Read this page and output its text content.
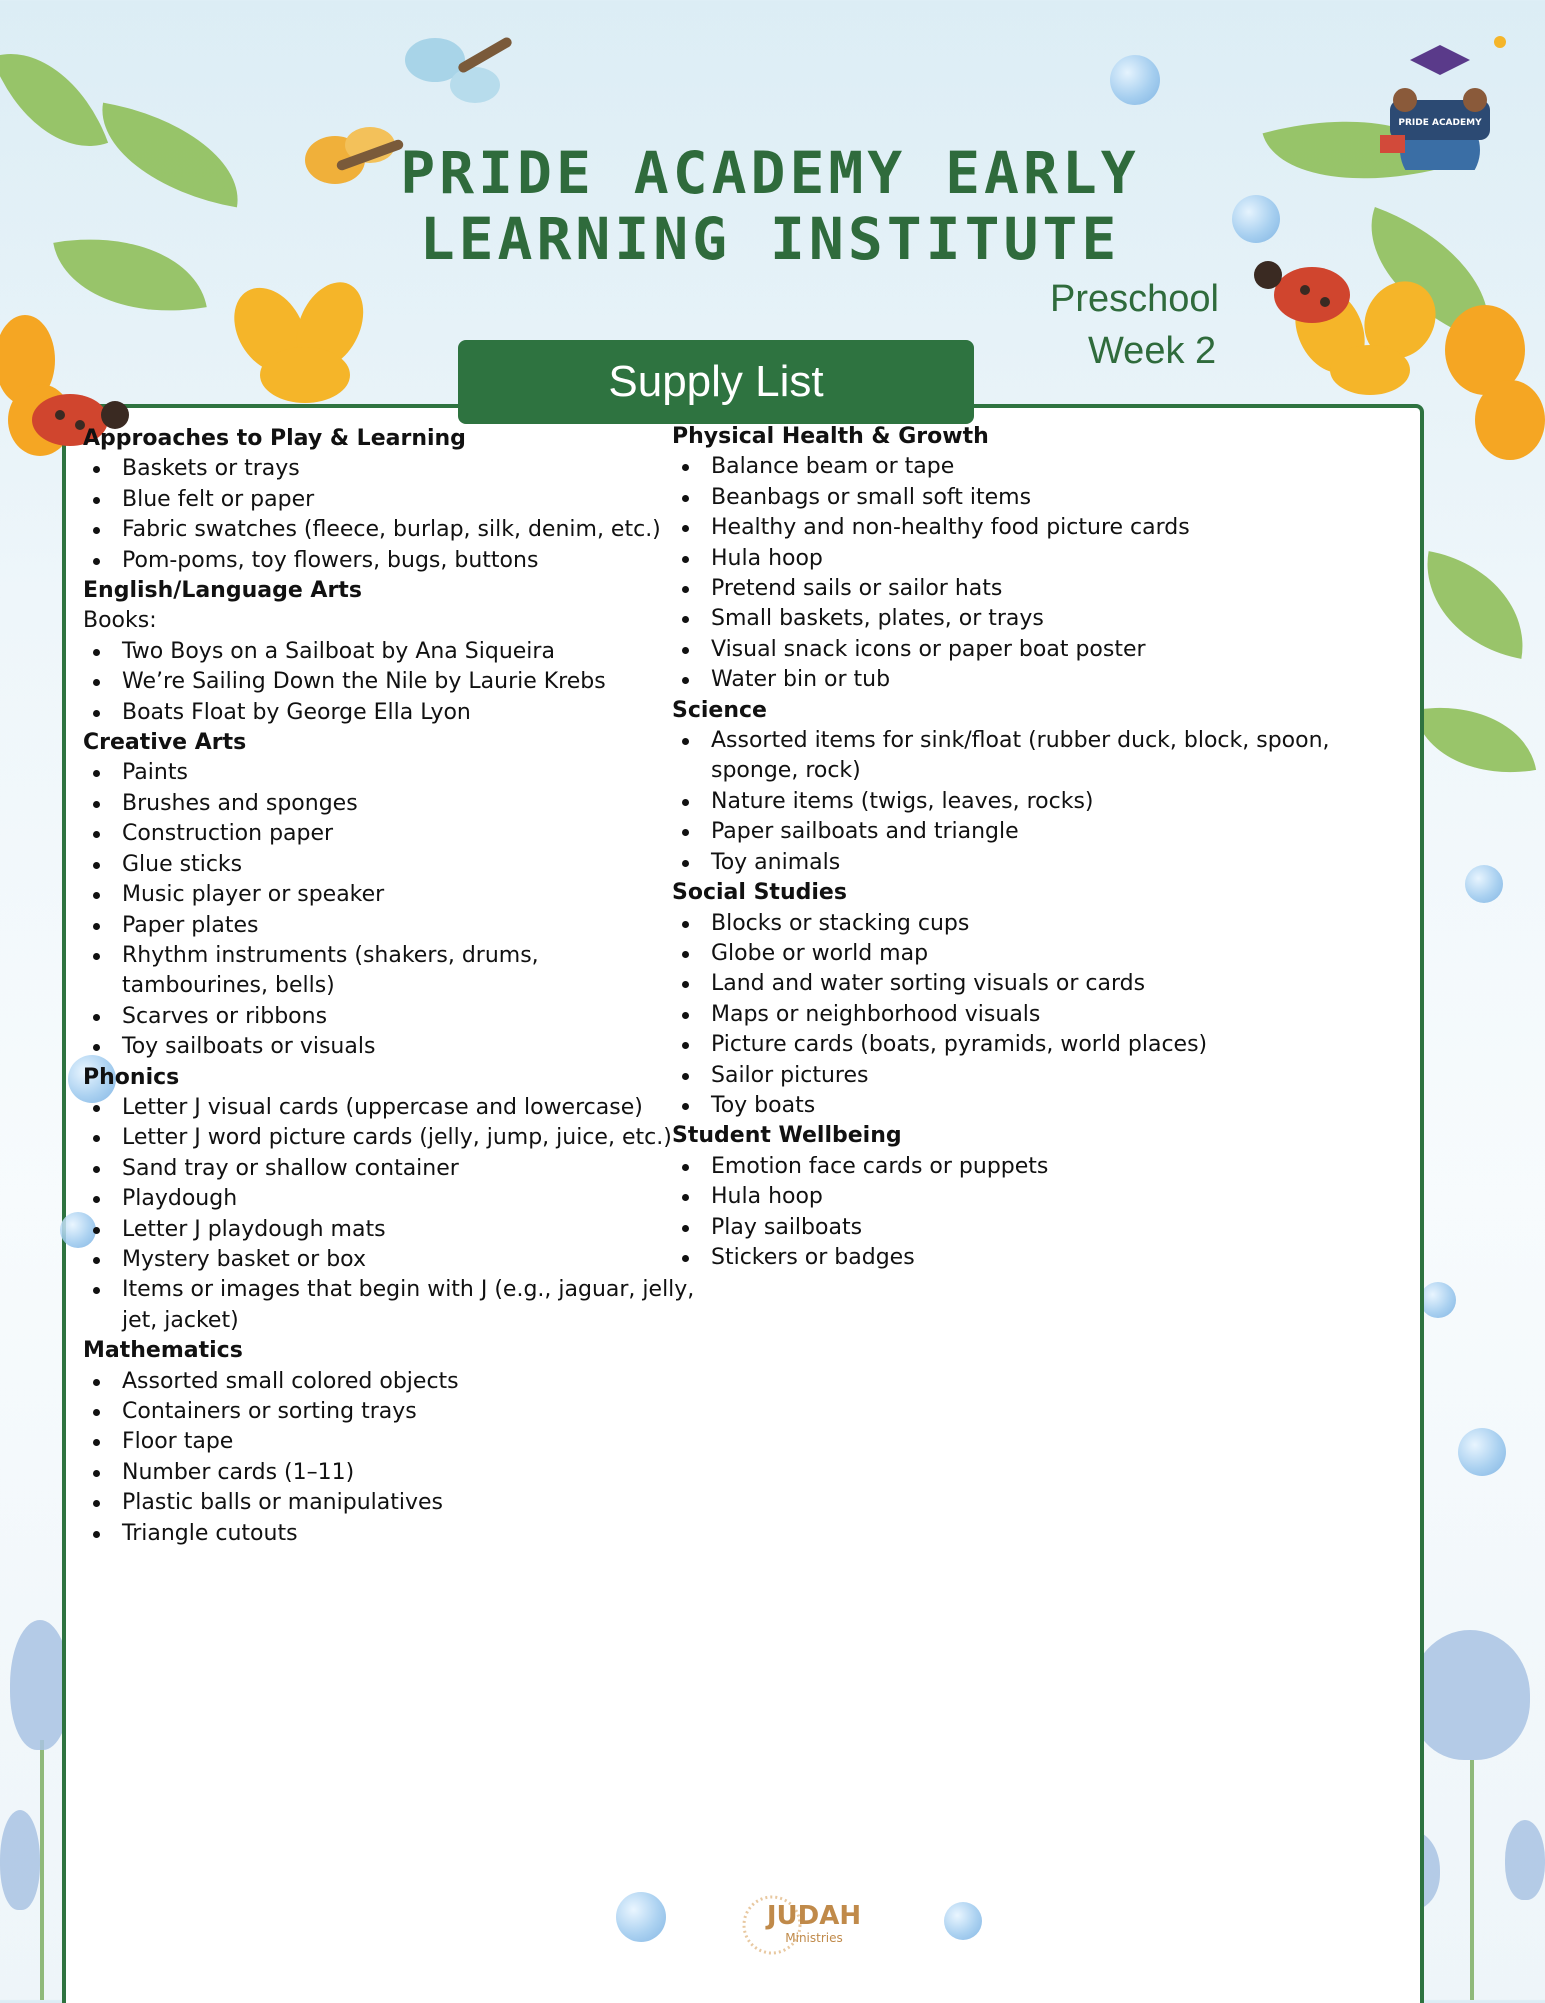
PRIDE ACADEMY
PRIDE ACADEMY EARLY
LEARNING INSTITUTE
Preschool
Week 2
Supply List
Approaches to Play & Learning
Baskets or trays
Blue felt or paper
Fabric swatches (fleece, burlap, silk, denim, etc.)
Pom-poms, toy flowers, bugs, buttons
English/Language Arts
Books:
Two Boys on a Sailboat by Ana Siqueira
We’re Sailing Down the Nile by Laurie Krebs
Boats Float by George Ella Lyon
Creative Arts
Paints
Brushes and sponges
Construction paper
Glue sticks
Music player or speaker
Paper plates
Rhythm instruments (shakers, drums, tambourines, bells)
Scarves or ribbons
Toy sailboats or visuals
Phonics
Letter J visual cards (uppercase and lowercase)
Letter J word picture cards (jelly, jump, juice, etc.)
Sand tray or shallow container
Playdough
Letter J playdough mats
Mystery basket or box
Items or images that begin with J (e.g., jaguar, jelly, jet, jacket)
Mathematics
Assorted small colored objects
Containers or sorting trays
Floor tape
Number cards (1–11)
Plastic balls or manipulatives
Triangle cutouts
Physical Health & Growth
Balance beam or tape
Beanbags or small soft items
Healthy and non-healthy food picture cards
Hula hoop
Pretend sails or sailor hats
Small baskets, plates, or trays
Visual snack icons or paper boat poster
Water bin or tub
Science
Assorted items for sink/float (rubber duck, block, spoon, sponge, rock)
Nature items (twigs, leaves, rocks)
Paper sailboats and triangle
Toy animals
Social Studies
Blocks or stacking cups
Globe or world map
Land and water sorting visuals or cards
Maps or neighborhood visuals
Picture cards (boats, pyramids, world places)
Sailor pictures
Toy boats
Student Wellbeing
Emotion face cards or puppets
Hula hoop
Play sailboats
Stickers or badges
JUDAH
Ministries
